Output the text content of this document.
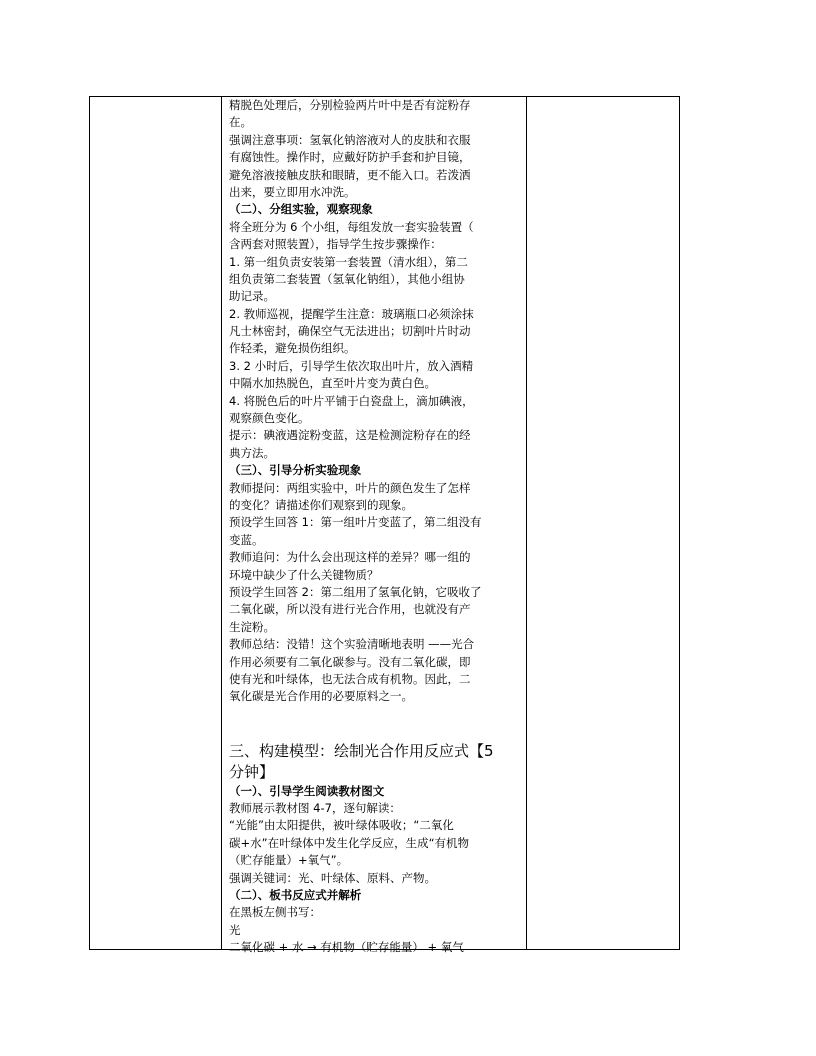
精脱色处理后，分别检验两片叶中是否有淀粉存
在。
强调注意事项：氢氧化钠溶液对人的皮肤和衣服
有腐蚀性。操作时，应戴好防护手套和护目镜，
避免溶液接触皮肤和眼睛，更不能入口。若泼洒
出来，要立即用水冲洗。
（二）、分组实验，观察现象
将全班分为 6 个小组，每组发放一套实验装置（
含两套对照装置），指导学生按步骤操作：
1. 第一组负责安装第一套装置（清水组），第二
组负责第二套装置（氢氧化钠组），其他小组协
助记录。
2. 教师巡视，提醒学生注意：玻璃瓶口必须涂抹
凡士林密封，确保空气无法进出；切割叶片时动
作轻柔，避免损伤组织。
3. 2 小时后，引导学生依次取出叶片，放入酒精
中隔水加热脱色，直至叶片变为黄白色。
4. 将脱色后的叶片平铺于白瓷盘上，滴加碘液，
观察颜色变化。
提示：碘液遇淀粉变蓝，这是检测淀粉存在的经
典方法。
（三）、引导分析实验现象
教师提问：两组实验中，叶片的颜色发生了怎样
的变化？请描述你们观察到的现象。
预设学生回答 1：第一组叶片变蓝了，第二组没有
变蓝。
教师追问：为什么会出现这样的差异？哪一组的
环境中缺少了什么关键物质？
预设学生回答 2：第二组用了氢氧化钠，它吸收了
二氧化碳，所以没有进行光合作用，也就没有产
生淀粉。
教师总结：没错！这个实验清晰地表明 ——光合
作用必须要有二氧化碳参与。没有二氧化碳，即
使有光和叶绿体，也无法合成有机物。因此，二
氧化碳是光合作用的必要原料之一。
三、构建模型：绘制光合作用反应式【5
分钟】
（一）、引导学生阅读教材图文
教师展示教材图 4-7，逐句解读：
“光能”由太阳提供，被叶绿体吸收；“二氧化
碳+水”在叶绿体中发生化学反应，生成“有机物
（贮存能量）+氧气”。
强调关键词：光、叶绿体、原料、产物。
（二）、板书反应式并解析
在黑板左侧书写：
光
二氧化碳 + 水 → 有机物（贮存能量） + 氧气
